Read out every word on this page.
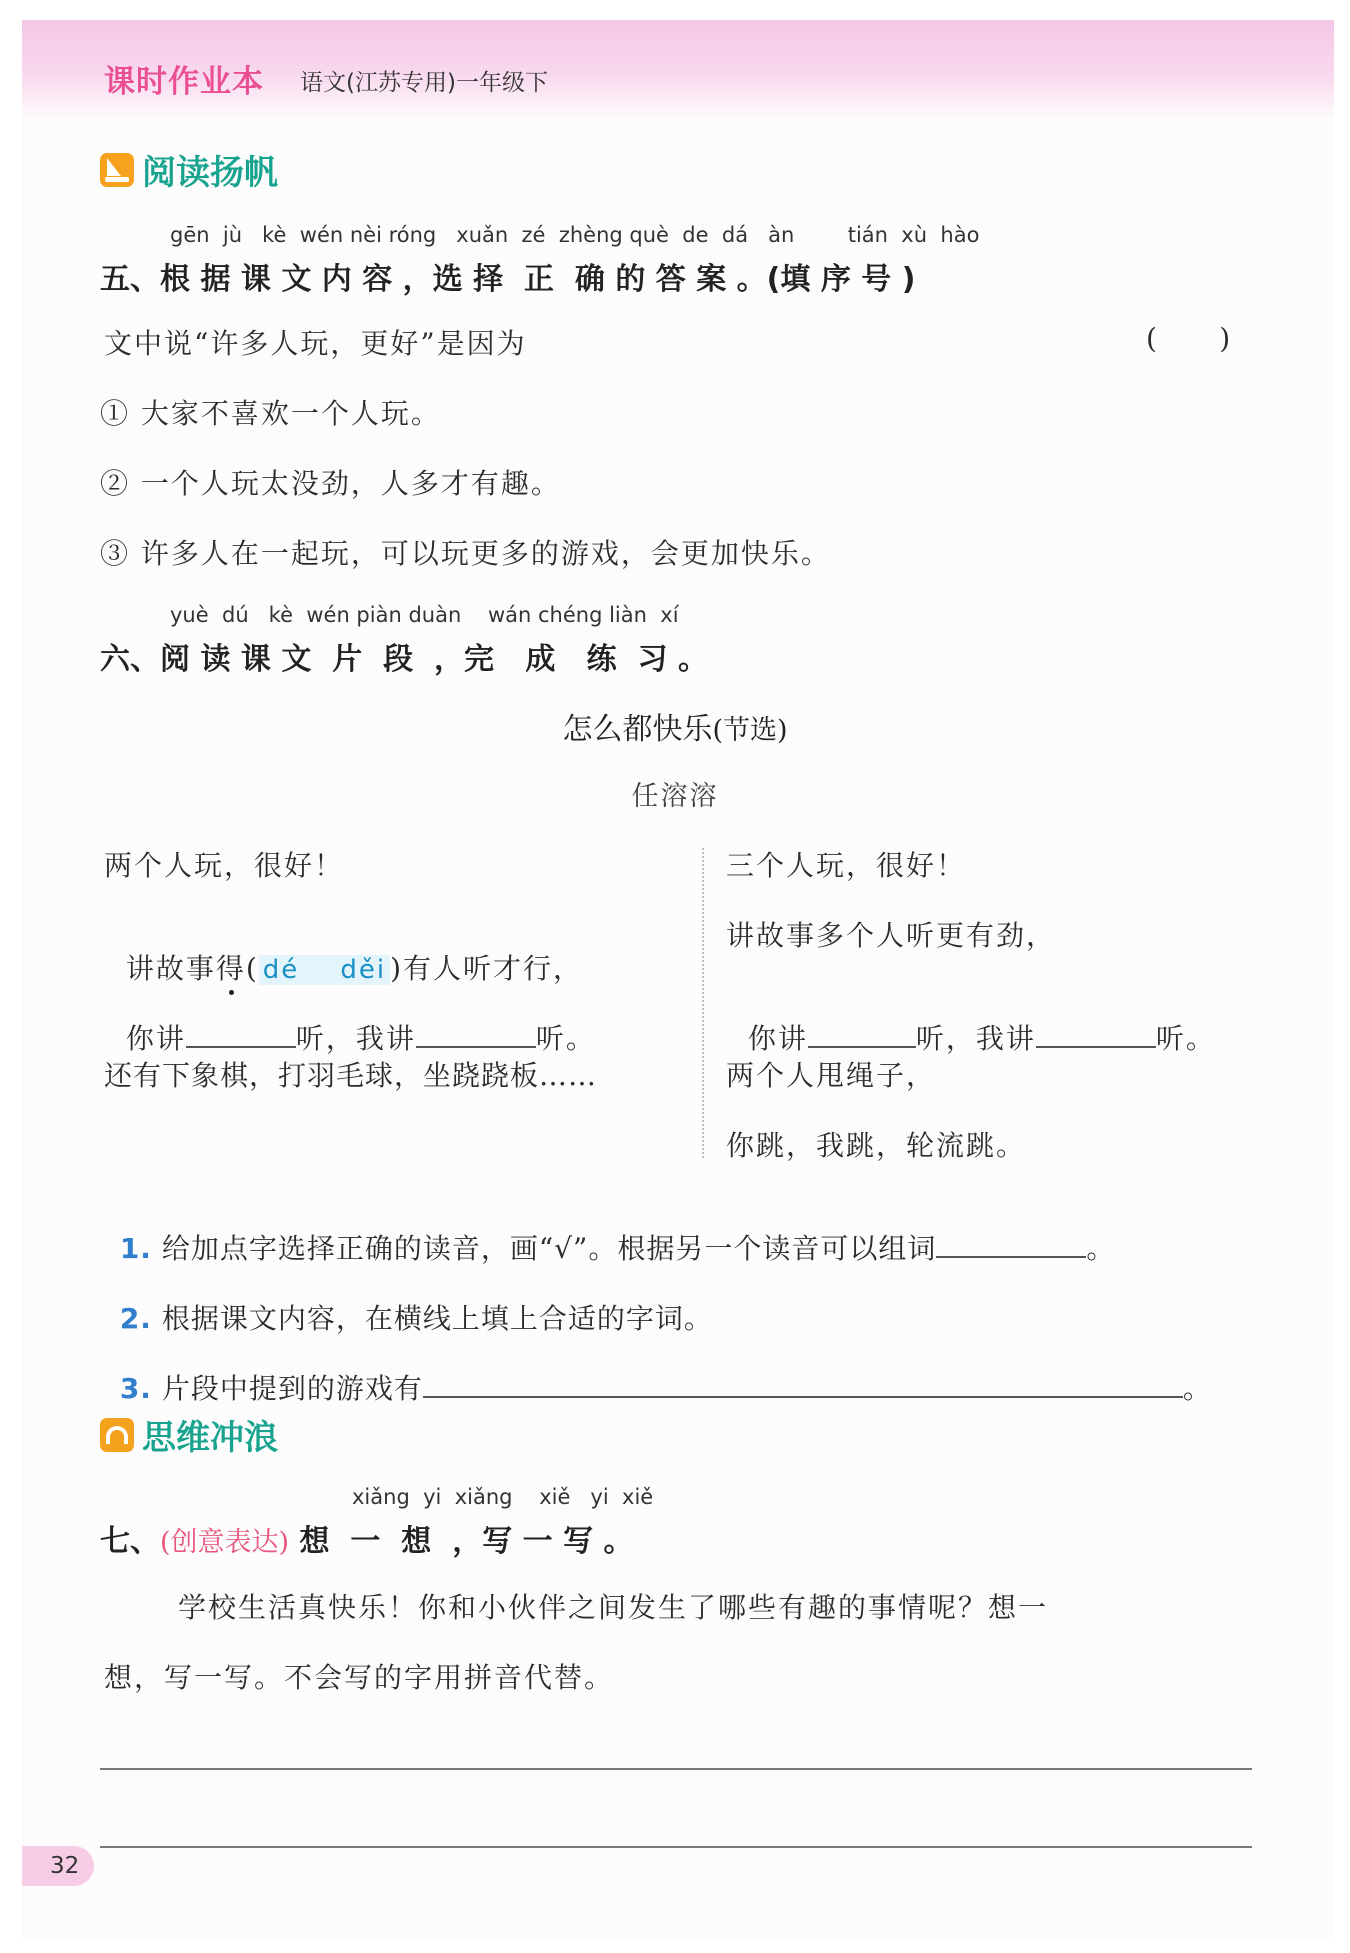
课时作业本 语文(江苏专用)一年级下
阅读扬帆
gēn  jù   kè  wén nèi róng   xuǎn  zé  zhèng què  de  dá   àn        tián  xù  hào
五、根 据 课 文 内 容 ，选 择  正  确 的 答 案 。(填 序 号 )
文中说“许多人玩，更好”是因为	(       )
① 大家不喜欢一个人玩。
② 一个人玩太没劲，人多才有趣。
③ 许多人在一起玩，可以玩更多的游戏，会更加快乐。
yuè  dú   kè  wén piàn duàn    wán chéng liàn  xí
六、阅 读 课 文  片  段  ，完   成   练  习 。
怎么都快乐(节选)
任溶溶
两个人玩，很好！

讲故事得( dé    děi )有人听才行，

你讲	听，我讲	听。

还有下象棋，打羽毛球，坐跷跷板……
三个人玩，很好！
讲故事多个人听更有劲，

你讲	听，我讲	听。

两个人甩绳子，
你跳，我跳，轮流跳。

1. 给加点字选择正确的读音，画“√”。根据另一个读音可以组词	。

2. 根据课文内容，在横线上填上合适的字词。

3. 片段中提到的游戏有	。

思维冲浪
xiǎng  yi  xiǎng    xiě   yi  xiě
七、(创意表达) 想  一  想  ，写 一 写 。
学校生活真快乐！你和小伙伴之间发生了哪些有趣的事情呢？想一
想，写一写。不会写的字用拼音代替。
32
